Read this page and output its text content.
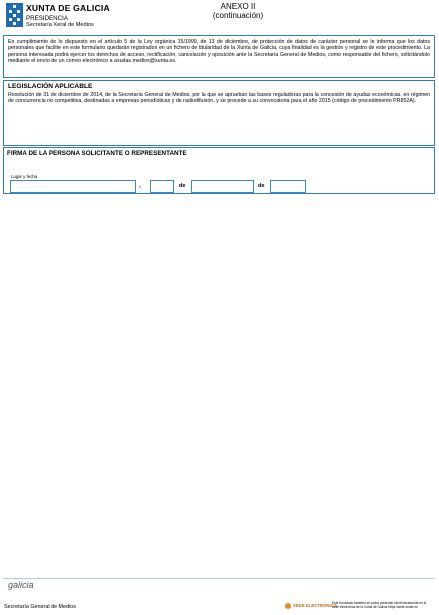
XUNTA DE GALICIA
PRESIDENCIA
Secretaría Xeral de Medios
ANEXO II
(continuación)
En cumplimiento de lo dispuesto en el artículo 5 de la Ley orgánica 15/1999, de 13 de diciembre, de protección de datos de carácter personal se le informa que los datos personales que facilite en este formulario quedarán registrados en un fichero de titularidad de la Xunta de Galicia, cuya finalidad es la gestión y registro de este procedimiento. La persona interesada podrá ejercer los derechos de acceso, rectificación, cancelación y oposición ante la Secretaría General de Medios, como responsable del fichero, solicitándolo mediante el envío de un correo electrónico a axudas.medios@xunta.es.
LEGISLACIÓN APLICABLE
Resolución de 31 de diciembre de 2014, de la Secretaría General de Medios, por la que se aprueban las bases reguladoras para la concesión de ayudas económicas, en régimen de concurrencia no competitiva, destinadas a empresas periodísticas y de radiodifusión, y se procede a su convocatoria para el año 2015 (código de procedimiento PR852A).
FIRMA DE LA PERSONA SOLICITANTE O REPRESENTANTE
Lugar y fecha
,	de	de
galicia
Secretaría General de Medios	SEDE ELECTRÓNICA
Este formulario también se podrá presentar electrónicamente en la sede electrónica de la Xunta de Galicia https://sede.xunta.es
